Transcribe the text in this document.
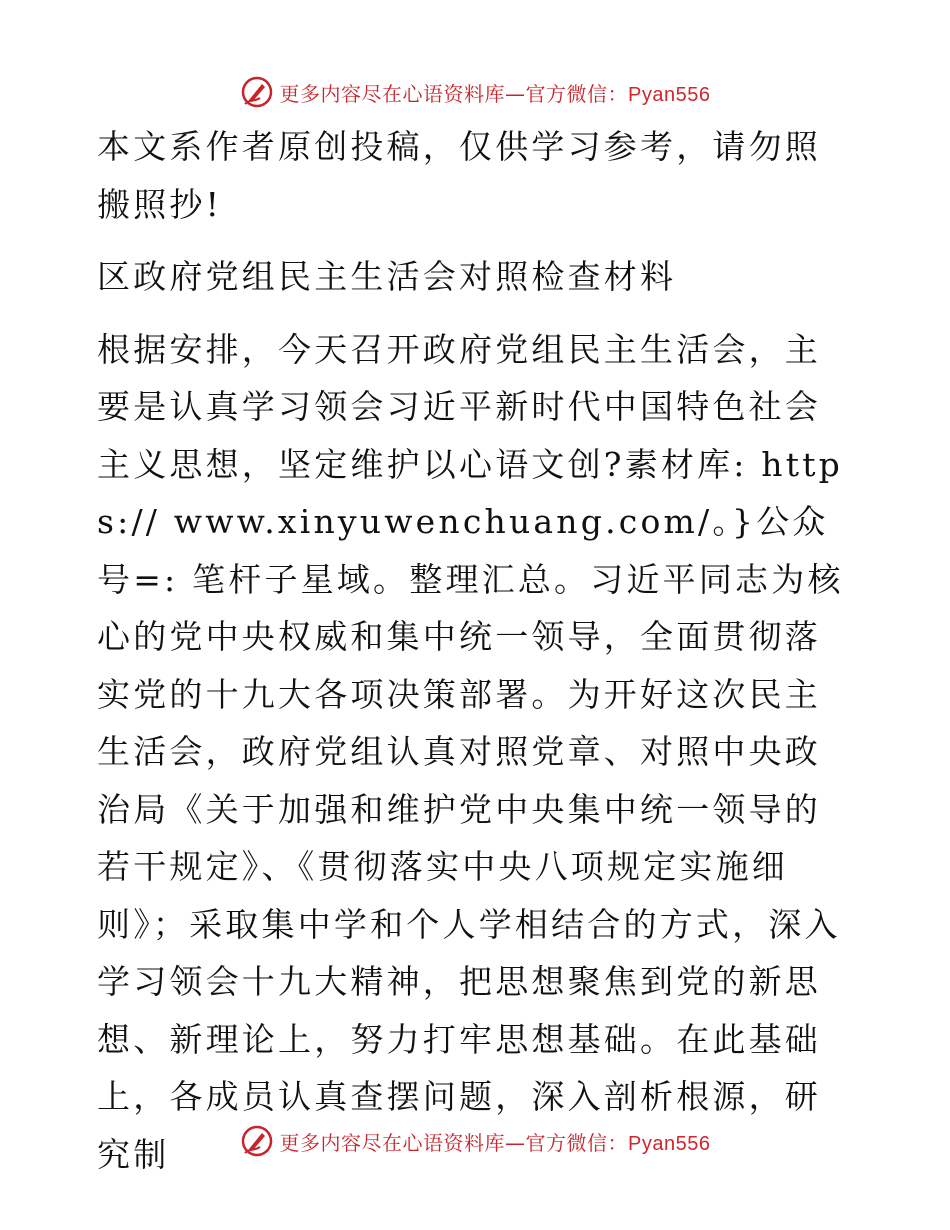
更多内容尽在心语资料库—官方微信：Pyan556

本文系作者原创投稿，仅供学习参考，请勿照搬照抄!

区政府党组民主生活会对照检查材料

根据安排，今天召开政府党组民主生活会，主要是认真学习领会习近平新时代中国特色社会主义思想，坚定维护以心语文创?素材库: https:// www.xinyuwenchuang.com/。}公众号=: 笔杆子星域。整理汇总。习近平同志为核心的党中央权威和集中统一领导，全面贯彻落实党的十九大各项决策部署。为开好这次民主生活会，政府党组认真对照党章、对照中央政治局《关于加强和维护党中央集中统一领导的若干规定》、《贯彻落实中央八项规定实施细则》；采取集中学和个人学相结合的方式，深入学习领会十九大精神，把思想聚焦到党的新思想、新理论上，努力打牢思想基础。在此基础上，各成员认真查摆问题，深入剖析根源，研究制	更多内容尽在心语资料库—官方微信：Pyan556
